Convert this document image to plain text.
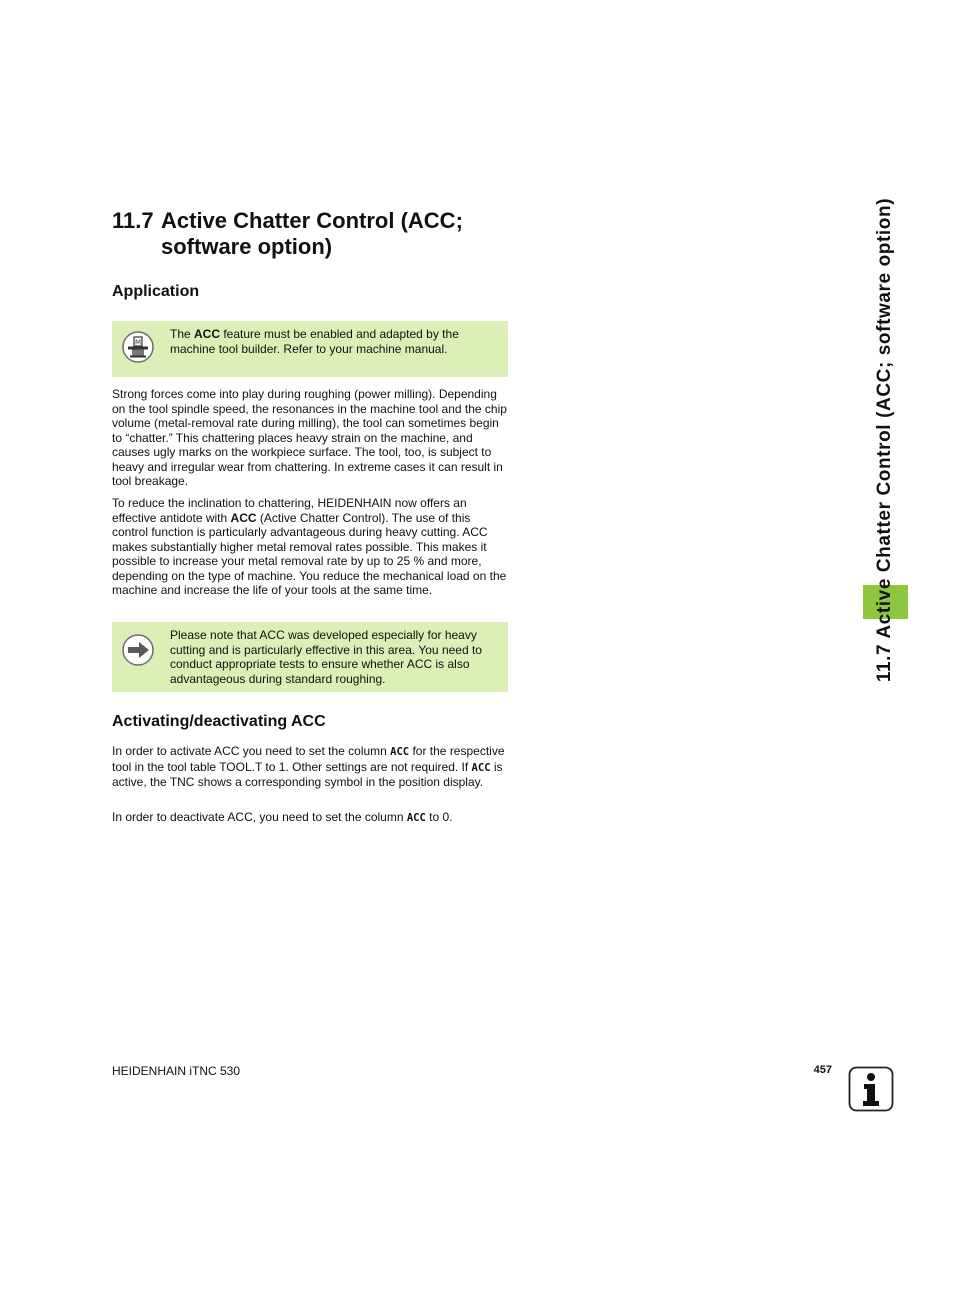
11.7 Active Chatter Control (ACC;
software option)
Application
M
The ACC feature must be enabled and adapted by the machine tool builder. Refer to your machine manual.

Strong forces come into play during roughing (power milling). Depending on the tool spindle speed, the resonances in the machine tool and the chip volume (metal-removal rate during milling), the tool can sometimes begin to “chatter.” This chattering places heavy strain on the machine, and causes ugly marks on the workpiece surface. The tool, too, is subject to heavy and irregular wear from chattering. In extreme cases it can result in tool breakage.

To reduce the inclination to chattering, HEIDENHAIN now offers an effective antidote with ACC (Active Chatter Control). The use of this control function is particularly advantageous during heavy cutting. ACC makes substantially higher metal removal rates possible. This makes it possible to increase your metal removal rate by up to 25 % and more, depending on the type of machine. You reduce the mechanical load on the machine and increase the life of your tools at the same time.

Please note that ACC was developed especially for heavy cutting and is particularly effective in this area. You need to conduct appropriate tests to ensure whether ACC is also advantageous during standard roughing.
Activating/deactivating ACC

In order to activate ACC you need to set the column ACC for the respective tool in the tool table TOOL.T to 1. Other settings are not required. If ACC is active, the TNC shows a corresponding symbol in the position display.

In order to deactivate ACC, you need to set the column ACC to 0.

11.7 Active Chatter Control (ACC; software option)
HEIDENHAIN iTNC 530	457
